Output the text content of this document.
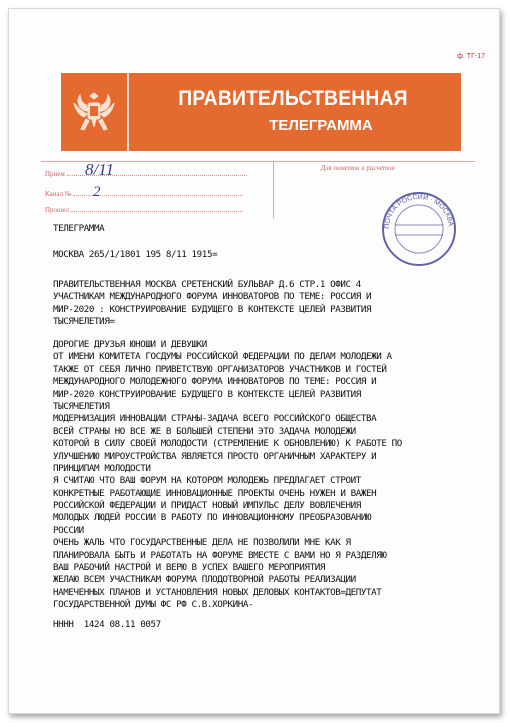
ф. ТГ-17
ПРАВИТЕЛЬСТВЕННАЯ
ТЕЛЕГРАММА
Прием
Канал №
Прошел
8/11
2
Для пометок и расчетов
ПОЧТА РОССИИ · МОСКВА
ТЕЛЕГРАММА
МОСКВА 265/1/1801 195 8/11 1915=
ПРАВИТЕЛЬСТВЕННАЯ МОСКВА СРЕТЕНСКИЙ БУЛЬВАР Д.6 СТР.1 ОФИС 4
УЧАСТНИКАМ МЕЖДУНАРОДНОГО ФОРУМА ИННОВАТОРОВ ПО ТЕМЕ: РОССИЯ И
МИР-2020 : КОНСТРУИРОВАНИЕ БУДУЩЕГО В КОНТЕКСТЕ ЦЕЛЕЙ РАЗВИТИЯ
ТЫСЯЧЕЛЕТИЯ=
ДОРОГИЕ ДРУЗЬЯ ЮНОШИ И ДЕВУШКИ
ОТ ИМЕНИ КОМИТЕТА ГОСДУМЫ РОССИЙСКОЙ ФЕДЕРАЦИИ ПО ДЕЛАМ МОЛОДЕЖИ А
ТАКЖЕ ОТ СЕБЯ ЛИЧНО ПРИВЕТСТВУЮ ОРГАНИЗАТОРОВ УЧАСТНИКОВ И ГОСТЕЙ
МЕЖДУНАРОДНОГО МОЛОДЕЖНОГО ФОРУМА ИННОВАТОРОВ ПО ТЕМЕ: РОССИЯ И
МИР-2020 КОНСТРУИРОВАНИЕ БУДУЩЕГО В КОНТЕКСТЕ ЦЕЛЕЙ РАЗВИТИЯ
ТЫСЯЧЕЛЕТИЯ
МОДЕРНИЗАЦИЯ ИННОВАЦИИ СТРАНЫ-ЗАДАЧА ВСЕГО РОССИЙСКОГО ОБЩЕСТВА
ВСЕЙ СТРАНЫ НО ВСЕ ЖЕ В БОЛЬШЕЙ СТЕПЕНИ ЭТО ЗАДАЧА МОЛОДЕЖИ
КОТОРОЙ В СИЛУ СВОЕЙ МОЛОДОСТИ (СТРЕМЛЕНИЕ К ОБНОВЛЕНИЮ) К РАБОТЕ ПО
УЛУЧШЕНИЮ МИРОУСТРОЙСТВА ЯВЛЯЕТСЯ ПРОСТО ОРГАНИЧНЫМ ХАРАКТЕРУ И
ПРИНЦИПАМ МОЛОДОСТИ
Я СЧИТАЮ ЧТО ВАШ ФОРУМ НА КОТОРОМ МОЛОДЕЖЬ ПРЕДЛАГАЕТ СТРОИТ
КОНКРЕТНЫЕ РАБОТАЮЩИЕ ИННОВАЦИОННЫЕ ПРОЕКТЫ ОЧЕНЬ НУЖЕН И ВАЖЕН
РОССИЙСКОЙ ФЕДЕРАЦИИ И ПРИДАСТ НОВЫЙ ИМПУЛЬС ДЕЛУ ВОВЛЕЧЕНИЯ
МОЛОДЫХ ЛЮДЕЙ РОССИИ В РАБОТУ ПО ИННОВАЦИОННОМУ ПРЕОБРАЗОВАНИЮ
РОССИИ
ОЧЕНЬ ЖАЛЬ ЧТО ГОСУДАРСТВЕННЫЕ ДЕЛА НЕ ПОЗВОЛИЛИ МНЕ КАК Я
ПЛАНИРОВАЛА БЫТЬ И РАБОТАТЬ НА ФОРУМЕ ВМЕСТЕ С ВАМИ НО Я РАЗДЕЛЯЮ
ВАШ РАБОЧИЙ НАСТРОЙ И ВЕРЮ В УСПЕХ ВАШЕГО МЕРОПРИЯТИЯ
ЖЕЛАЮ ВСЕМ УЧАСТНИКАМ ФОРУМА ПЛОДОТВОРНОЙ РАБОТЫ РЕАЛИЗАЦИИ
НАМЕЧЕННЫХ ПЛАНОВ И УСТАНОВЛЕНИЯ НОВЫХ ДЕЛОВЫХ КОНТАКТОВ=ДЕПУТАТ
ГОСУДАРСТВЕННОЙ ДУМЫ ФС РФ С.В.ХОРКИНА-
НННН  1424 08.11 0057
